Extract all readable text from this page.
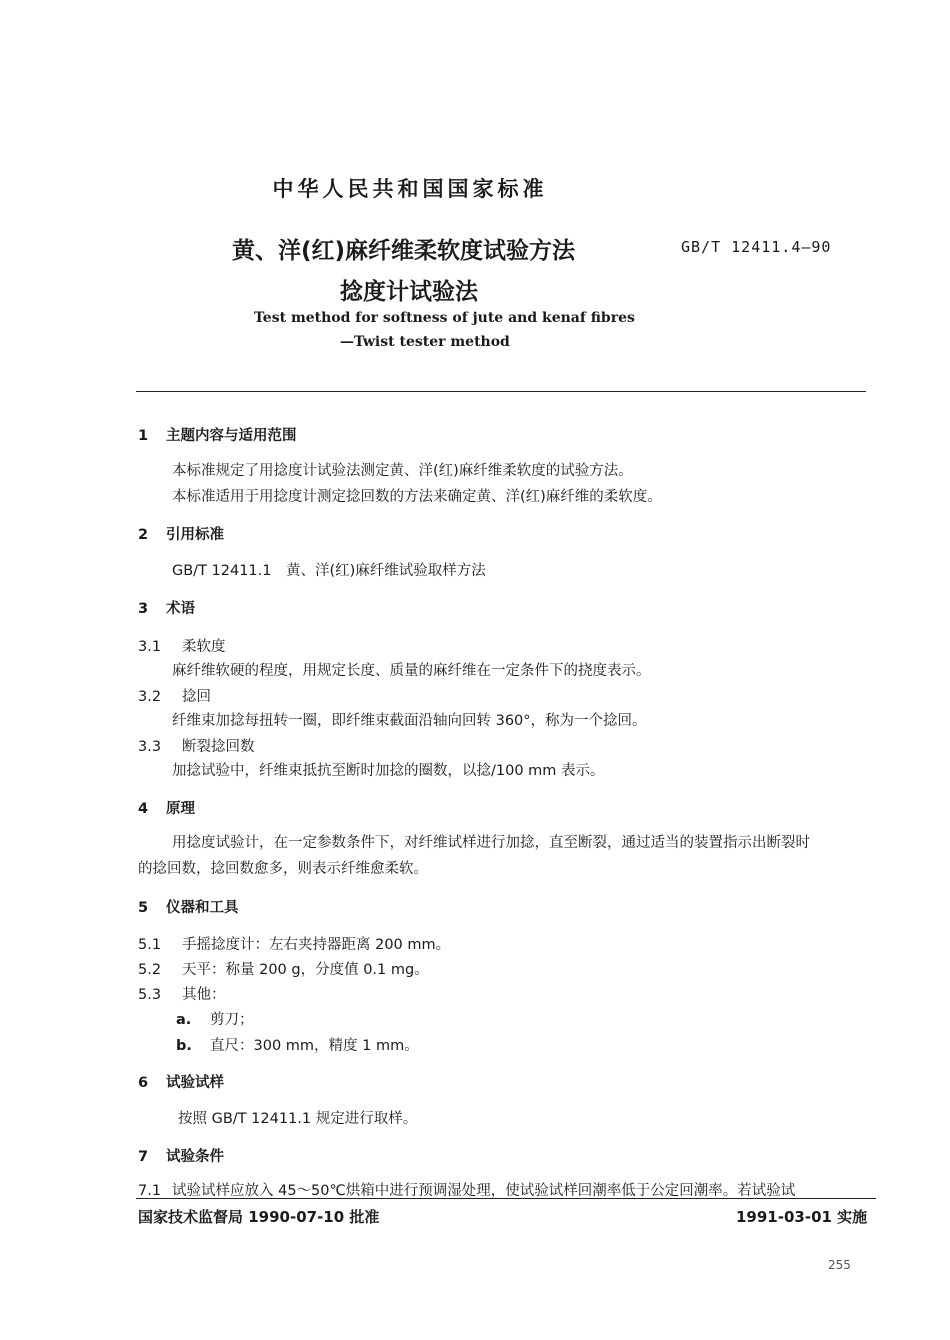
中华人民共和国国家标准
黄、洋(红)麻纤维柔软度试验方法
捻度计试验法
GB/T 12411.4—90
Test method for softness of jute and kenaf fibres
—Twist tester method
1 主题内容与适用范围
本标准规定了用捻度计试验法测定黄、洋(红)麻纤维柔软度的试验方法。
本标准适用于用捻度计测定捻回数的方法来确定黄、洋(红)麻纤维的柔软度。
2 引用标准
GB/T 12411.1　黄、洋(红)麻纤维试验取样方法
3 术语
3.1 柔软度
麻纤维软硬的程度，用规定长度、质量的麻纤维在一定条件下的挠度表示。
3.2 捻回
纤维束加捻每扭转一圈，即纤维束截面沿轴向回转 360°，称为一个捻回。
3.3 断裂捻回数
加捻试验中，纤维束抵抗至断时加捻的圈数，以捻/100 mm 表示。
4 原理
用捻度试验计，在一定参数条件下，对纤维试样进行加捻，直至断裂，通过适当的装置指示出断裂时
的捻回数，捻回数愈多，则表示纤维愈柔软。
5 仪器和工具
5.1 手摇捻度计：左右夹持器距离 200 mm。
5.2 天平：称量 200 g，分度值 0.1 mg。
5.3 其他：
a. 剪刀；
b. 直尺：300 mm，精度 1 mm。
6 试验试样
按照 GB/T 12411.1 规定进行取样。
7 试验条件
7.1 试验试样应放入 45～50℃烘箱中进行预调湿处理，使试验试样回潮率低于公定回潮率。若试验试
国家技术监督局 1990-07-10 批准	1991-03-01 实施
255
